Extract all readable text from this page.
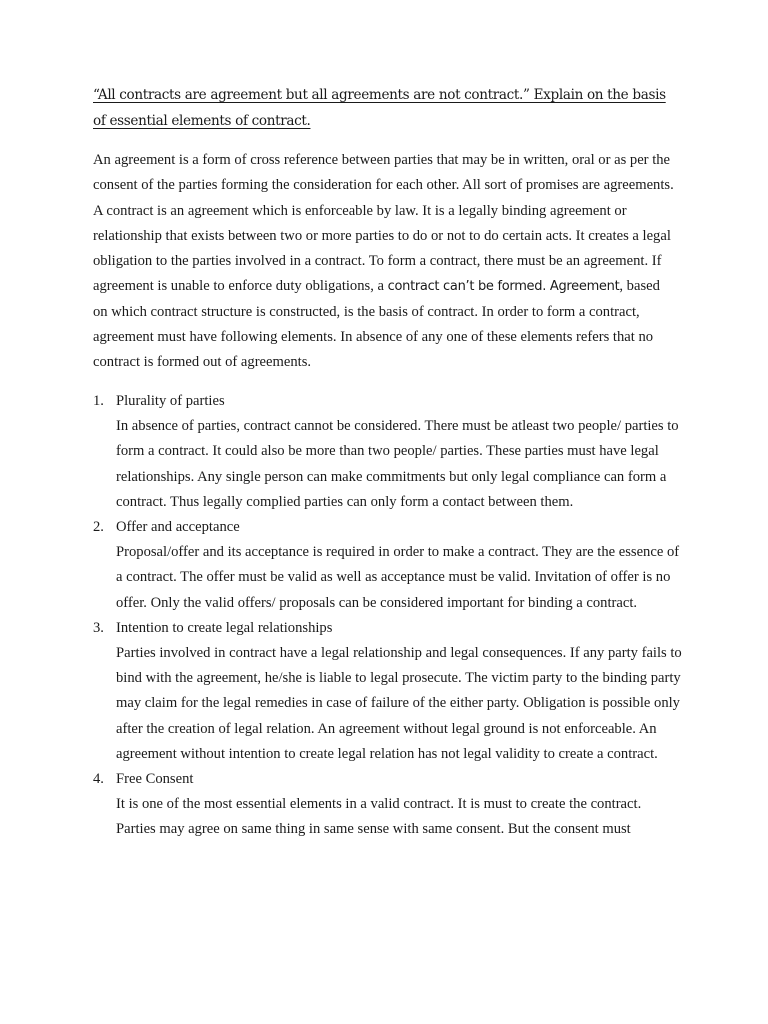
“All contracts are agreement but all agreements are not contract.” Explain on the basis of essential elements of contract.

An agreement is a form of cross reference between parties that may be in written, oral or as per the consent of the parties forming the consideration for each other. All sort of promises are agreements. A contract is an agreement which is enforceable by law. It is a legally binding agreement or relationship that exists between two or more parties to do or not to do certain acts. It creates a legal obligation to the parties involved in a contract. To form a contract, there must be an agreement. If agreement is unable to enforce duty obligations, a contract can’t be formed. Agreement, based on which contract structure is constructed, is the basis of contract. In order to form a contract, agreement must have following elements. In absence of any one of these elements refers that no contract is formed out of agreements.

1. Plurality of parties
In absence of parties, contract cannot be considered. There must be atleast two people/ parties to form a contract. It could also be more than two people/ parties. These parties must have legal relationships. Any single person can make commitments but only legal compliance can form a contract. Thus legally complied parties can only form a contact between them.
2. Offer and acceptance
Proposal/offer and its acceptance is required in order to make a contract. They are the essence of a contract. The offer must be valid as well as acceptance must be valid. Invitation of offer is no offer. Only the valid offers/ proposals can be considered important for binding a contract.
3. Intention to create legal relationships
Parties involved in contract have a legal relationship and legal consequences. If any party fails to bind with the agreement, he/she is liable to legal prosecute. The victim party to the binding party may claim for the legal remedies in case of failure of the either party. Obligation is possible only after the creation of legal relation. An agreement without legal ground is not enforceable. An agreement without intention to create legal relation has not legal validity to create a contract.
4. Free Consent
It is one of the most essential elements in a valid contract. It is must to create the contract. Parties may agree on same thing in same sense with same consent. But the consent must
